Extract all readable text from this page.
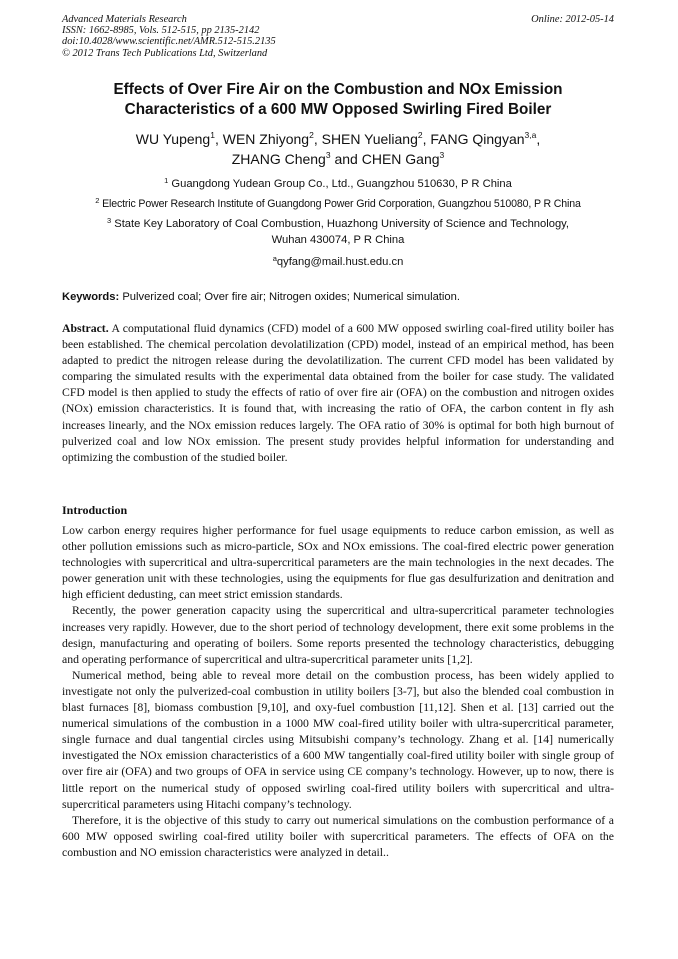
Advanced Materials Research
ISSN: 1662-8985, Vols. 512-515, pp 2135-2142
doi:10.4028/www.scientific.net/AMR.512-515.2135
© 2012 Trans Tech Publications Ltd, Switzerland
Online: 2012-05-14
Effects of Over Fire Air on the Combustion and NOx Emission
Characteristics of a 600 MW Opposed Swirling Fired Boiler
WU Yupeng$^1$, WEN Zhiyong$^2$, SHEN Yueliang$^2$, FANG Qingyan$^{3,a}$,
ZHANG Cheng$^3$ and CHEN Gang$^3$
$^1$ Guangdong Yudean Group Co., Ltd., Guangzhou 510630, P R China
$^2$ Electric Power Research Institute of Guangdong Power Grid Corporation, Guangzhou 510080, P R China
$^3$ State Key Laboratory of Coal Combustion, Huazhong University of Science and Technology,
Wuhan 430074, P R China
$^a$qyfang@mail.hust.edu.cn
Keywords: Pulverized coal; Over fire air; Nitrogen oxides; Numerical simulation.
Abstract. A computational fluid dynamics (CFD) model of a 600 MW opposed swirling coal-fired utility boiler has been established. The chemical percolation devolatilization (CPD) model, instead of an empirical method, has been adapted to predict the nitrogen release during the devolatilization. The current CFD model has been validated by comparing the simulated results with the experimental data obtained from the boiler for case study. The validated CFD model is then applied to study the effects of ratio of over fire air (OFA) on the combustion and nitrogen oxides (NOx) emission characteristics. It is found that, with increasing the ratio of OFA, the carbon content in fly ash increases linearly, and the NOx emission reduces largely. The OFA ratio of 30% is optimal for both high burnout of pulverized coal and low NOx emission. The present study provides helpful information for understanding and optimizing the combustion of the studied boiler.
Introduction

Low carbon energy requires higher performance for fuel usage equipments to reduce carbon emission, as well as other pollution emissions such as micro-particle, SOx and NOx emissions. The coal-fired electric power generation technologies with supercritical and ultra-supercritical parameters are the main technologies in the next decades. The power generation unit with these technologies, using the equipments for flue gas desulfurization and denitration and high efficient dedusting, can meet strict emission standards.

Recently, the power generation capacity using the supercritical and ultra-supercritical parameter technologies increases very rapidly. However, due to the short period of technology development, there exit some problems in the design, manufacturing and operating of boilers. Some reports presented the technology characteristics, debugging and operating performance of supercritical and ultra-supercritical parameter units [1,2].

Numerical method, being able to reveal more detail on the combustion process, has been widely applied to investigate not only the pulverized-coal combustion in utility boilers [3-7], but also the blended coal combustion in blast furnaces [8], biomass combustion [9,10], and oxy-fuel combustion [11,12]. Shen et al. [13] carried out the numerical simulations of the combustion in a 1000 MW coal-fired utility boiler with ultra-supercritical parameter, single furnace and dual tangential circles using Mitsubishi company’s technology. Zhang et al. [14] numerically investigated the NOx emission characteristics of a 600 MW tangentially coal-fired utility boiler with single group of over fire air (OFA) and two groups of OFA in service using CE company’s technology. However, up to now, there is little report on the numerical study of opposed swirling coal-fired utility boilers with supercritical and ultra-supercritical parameters using Hitachi company’s technology.

Therefore, it is the objective of this study to carry out numerical simulations on the combustion performance of a 600 MW opposed swirling coal-fired utility boiler with supercritical parameters. The effects of OFA on the combustion and NO emission characteristics were analyzed in detail..
